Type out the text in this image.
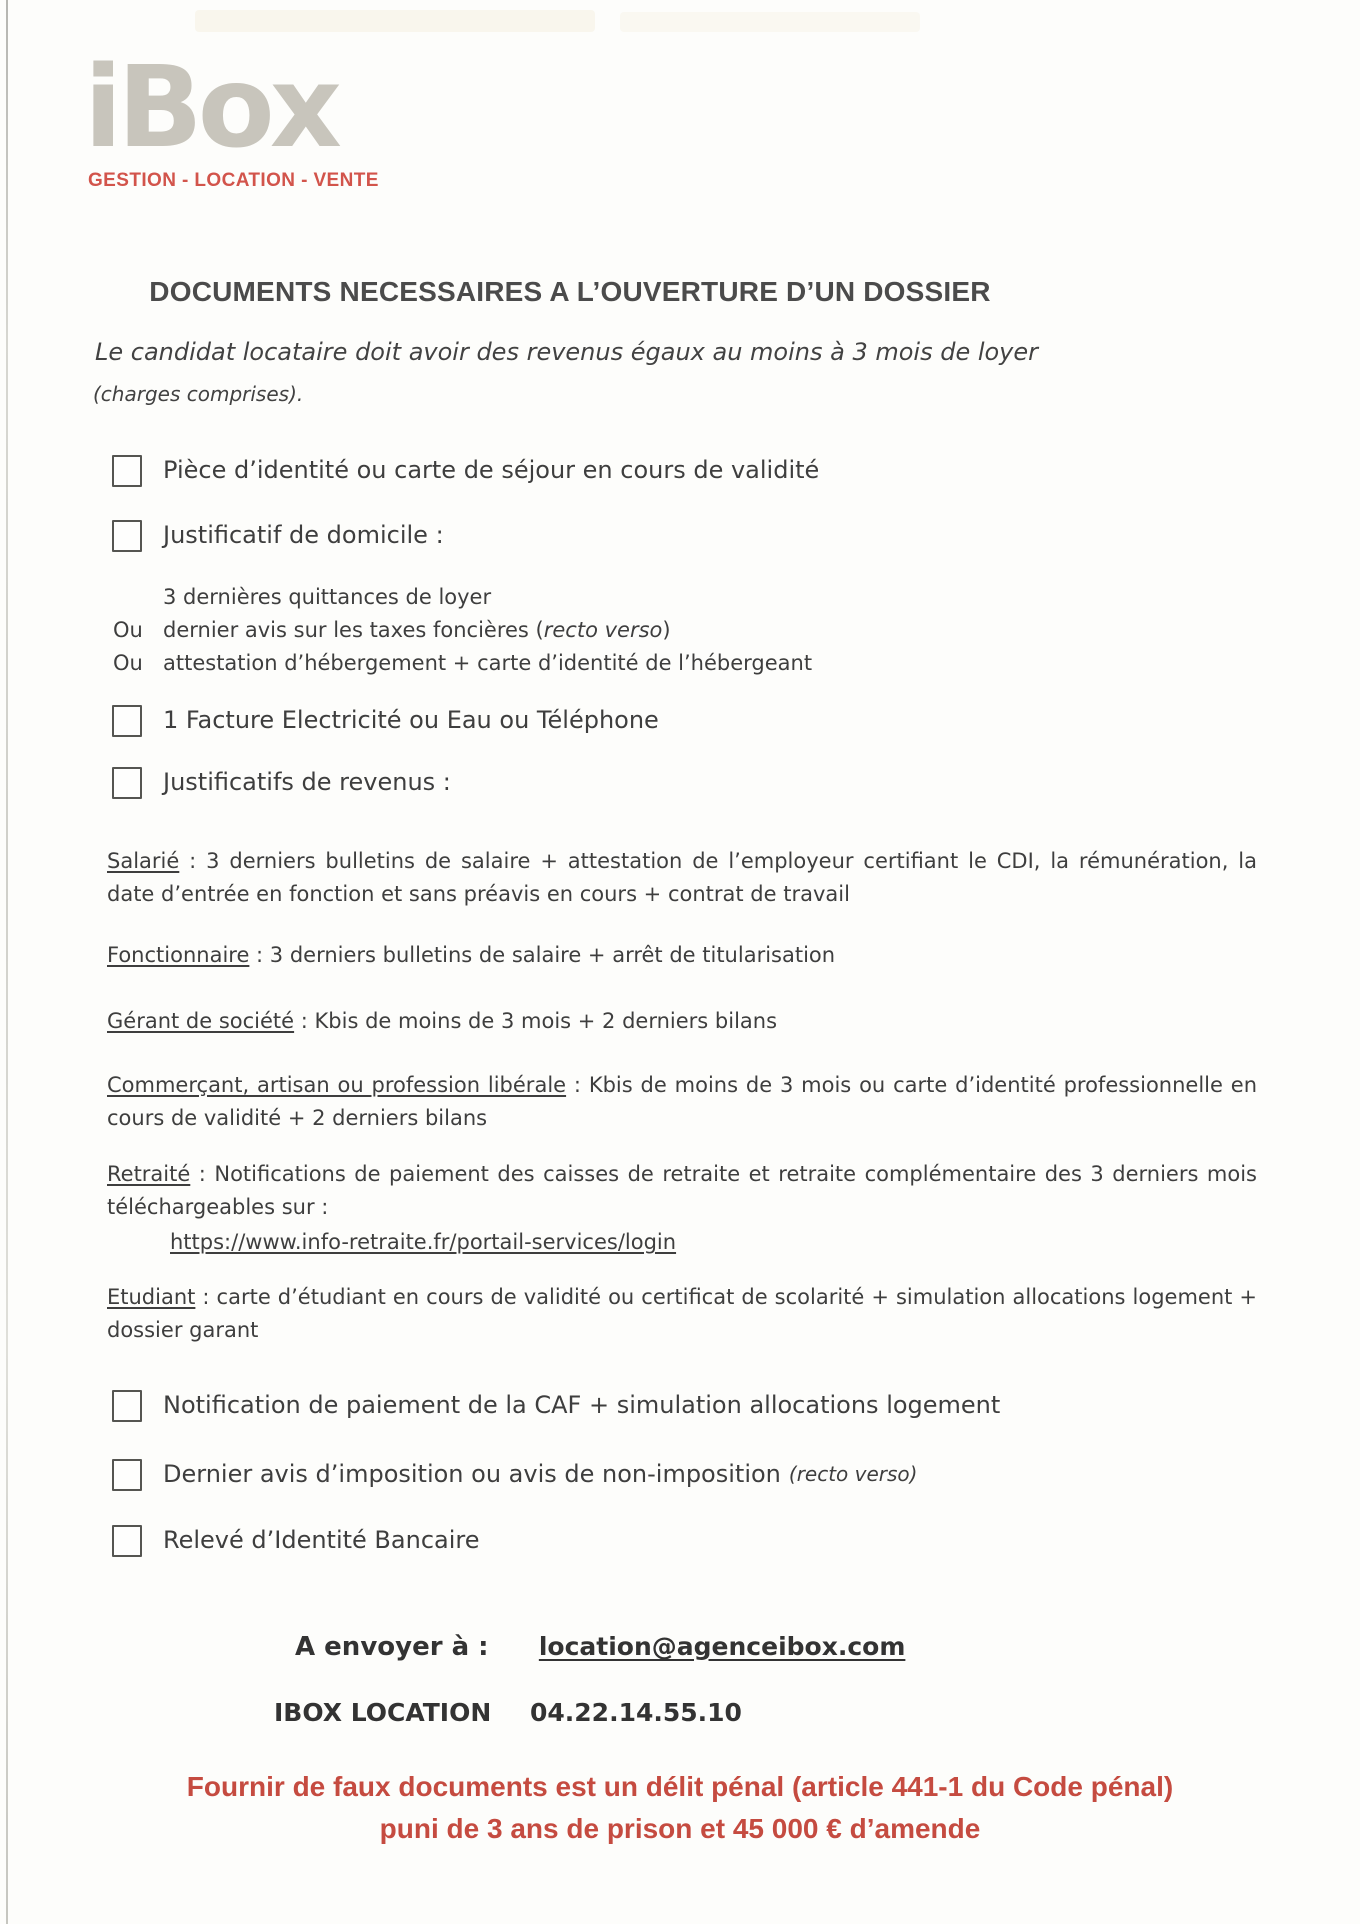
iBox
GESTION - LOCATION - VENTE
DOCUMENTS NECESSAIRES A L’OUVERTURE D’UN DOSSIER
Le candidat locataire doit avoir des revenus égaux au moins à 3 mois de loyer
(charges comprises).
Pièce d’identité ou carte de séjour en cours de validité
Justificatif de domicile :
3 dernières quittances de loyer
Ou dernier avis sur les taxes foncières (recto verso)
Ou attestation d’hébergement + carte d’identité de l’hébergeant
1 Facture Electricité ou Eau ou Téléphone
Justificatifs de revenus :
Salarié : 3 derniers bulletins de salaire + attestation de l’employeur certifiant le CDI, la rémunération, la date d’entrée en fonction et sans préavis en cours + contrat de travail
Fonctionnaire : 3 derniers bulletins de salaire + arrêt de titularisation
Gérant de société : Kbis de moins de 3 mois + 2 derniers bilans
Commerçant, artisan ou profession libérale : Kbis de moins de 3 mois ou carte d’identité professionnelle en cours de validité + 2 derniers bilans
Retraité : Notifications de paiement des caisses de retraite et retraite complémentaire des 3 derniers mois téléchargeables sur :
https://www.info-retraite.fr/portail-services/login
Etudiant : carte d’étudiant en cours de validité ou certificat de scolarité + simulation allocations logement + dossier garant
Notification de paiement de la CAF + simulation allocations logement
Dernier avis d’imposition ou avis de non-imposition (recto verso)
Relevé d’Identité Bancaire
A envoyer à : location@agenceibox.com
IBOX LOCATION 04.22.14.55.10
Fournir de faux documents est un délit pénal (article 441-1 du Code pénal)
puni de 3 ans de prison et 45 000 € d’amende
